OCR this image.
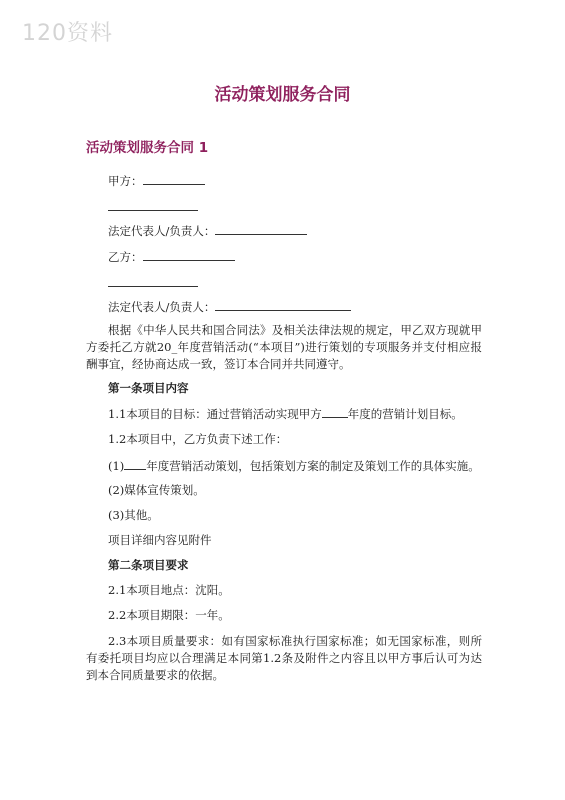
120资料
活动策划服务合同
活动策划服务合同 1
甲方：
法定代表人/负责人：
乙方：
法定代表人/负责人：
根据《中华人民共和国合同法》及相关法律法规的规定，甲乙双方现就甲方委托乙方就20_年度营销活动(“本项目”)进行策划的专项服务并支付相应报酬事宜，经协商达成一致，签订本合同并共同遵守。
第一条项目内容
1.1本项目的目标：通过营销活动实现甲方 年度的营销计划目标。
1.2本项目中，乙方负责下述工作：
(1) 年度营销活动策划，包括策划方案的制定及策划工作的具体实施。
(2)媒体宣传策划。
(3)其他。
项目详细内容见附件
第二条项目要求
2.1本项目地点：沈阳。
2.2本项目期限：一年。
2.3本项目质量要求：如有国家标准执行国家标准；如无国家标准，则所有委托项目均应以合理满足本同第1.2条及附件之内容且以甲方事后认可为达到本合同质量要求的依据。
